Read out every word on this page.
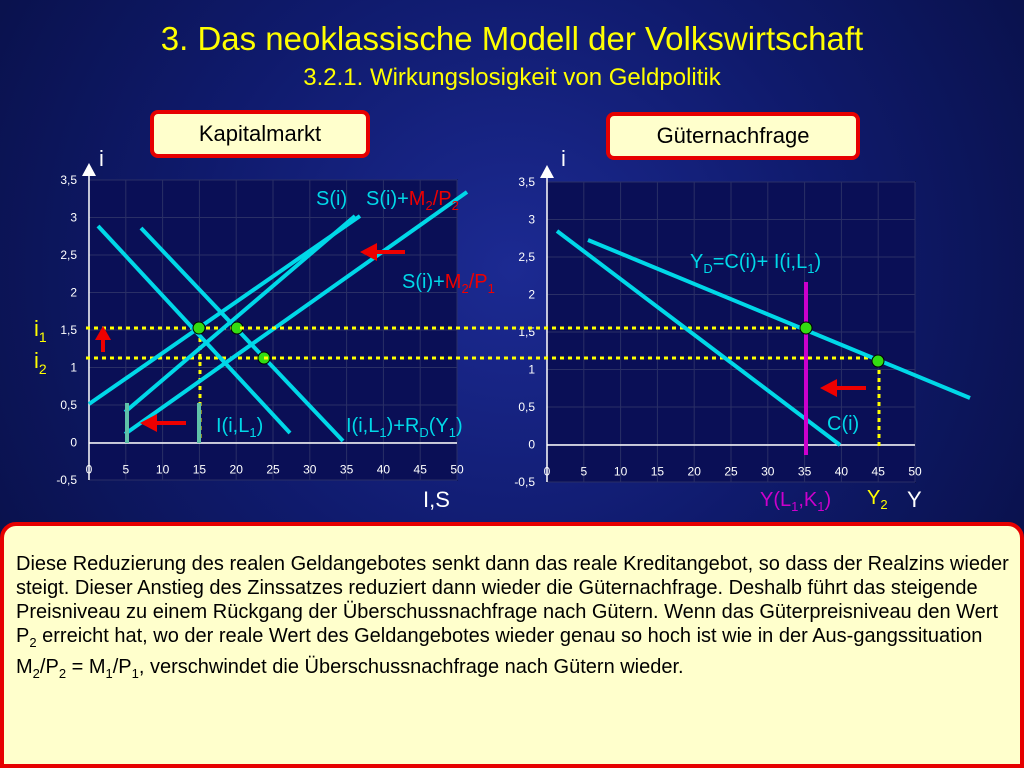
3. Das neoklassische Modell der Volkswirtschaft
3.2.1. Wirkungslosigkeit von Geldpolitik
3,5
3
2,5
2
1,5
1
0,5
0
-0,5
0	5 10 15 20 25 30 35 40 45 50
i
I,S
$i_1$
$i_2$
S(i) $S(i)+M_2/P_2$
$S(i)+M_2/P_1$
$I(i,L_1)$	$I(i,L_1)+R_D(Y_1)$
3,5
3
2,5
2
1,5
1
0,5
0
-0,5
0	5 10 15 20 25 30 35 40 45 50
i
Y
$Y_D=C(i)+ I(i,L_1)$
C(i)
$Y(L_1,K_1)$ $Y_2$
Kapitalmarkt	Güternachfrage
Diese Reduzierung des realen Geldangebotes senkt dann das reale Kreditangebot, so dass der Realzins wieder steigt. Dieser Anstieg des Zinssatzes reduziert dann wieder die Güternachfrage. Deshalb führt das steigende Preisniveau zu einem Rückgang der Überschussnachfrage nach Gütern. Wenn das Güterpreisniveau den Wert $P_2$ erreicht hat, wo der reale Wert des Geldangebotes wieder genau so hoch ist wie in der Aus-gangssituation $M_2/P_2 = M_1/P_1$, verschwindet die Überschussnachfrage nach Gütern wieder.
